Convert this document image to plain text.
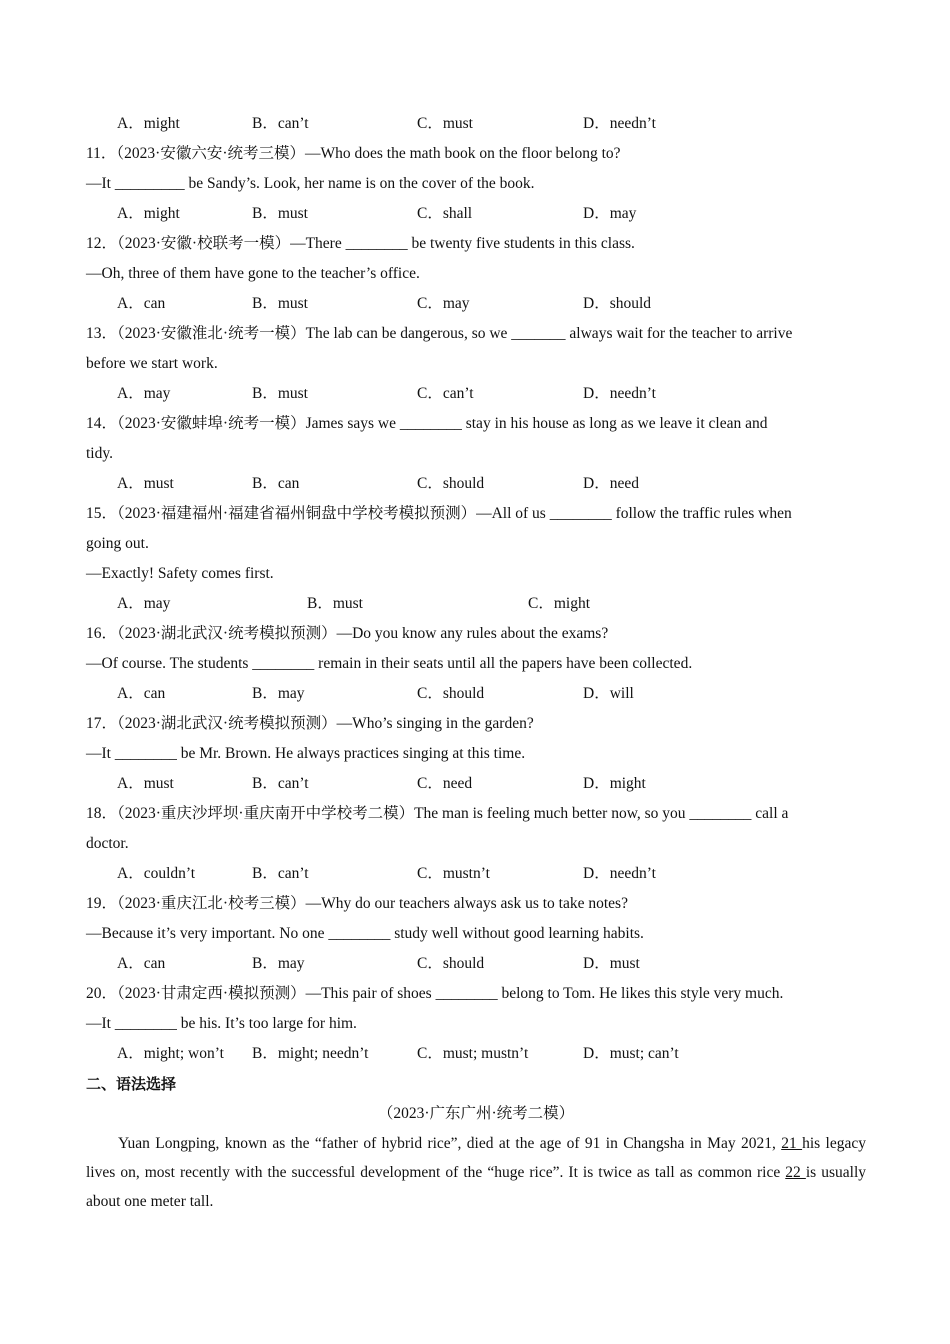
A．might	B．can’t	C．must	D．needn’t
11．（2023·安徽六安·统考三模）—Who does the math book on the floor belong to?
—It _________ be Sandy’s. Look, her name is on the cover of the book.
A．might	B．must	C．shall	D．may
12．（2023·安徽·校联考一模）—There ________ be twenty five students in this class.
—Oh, three of them have gone to the teacher’s office.
A．can	B．must	C．may	D．should
13．（2023·安徽淮北·统考一模）The lab can be dangerous, so we _______ always wait for the teacher to arrive
before we start work.
A．may	B．must	C．can’t	D．needn’t
14．（2023·安徽蚌埠·统考一模）James says we ________ stay in his house as long as we leave it clean and
tidy.
A．must	B．can	C．should	D．need
15．（2023·福建福州·福建省福州铜盘中学校考模拟预测）—All of us ________ follow the traffic rules when
going out.
—Exactly! Safety comes first.
A．may	B．must	C．might
16．（2023·湖北武汉·统考模拟预测）—Do you know any rules about the exams?
—Of course. The students ________ remain in their seats until all the papers have been collected.
A．can	B．may	C．should	D．will
17．（2023·湖北武汉·统考模拟预测）—Who’s singing in the garden?
—It ________ be Mr. Brown. He always practices singing at this time.
A．must	B．can’t	C．need	D．might
18．（2023·重庆沙坪坝·重庆南开中学校考二模）The man is feeling much better now, so you ________ call a
doctor.
A．couldn’t	B．can’t	C．mustn’t	D．needn’t
19．（2023·重庆江北·校考三模）—Why do our teachers always ask us to take notes?
—Because it’s very important. No one ________ study well without good learning habits.
A．can	B．may	C．should	D．must
20．（2023·甘肃定西·模拟预测）—This pair of shoes ________ belong to Tom. He likes this style very much.
—It ________ be his. It’s too large for him.
A．might; won’t B．might; needn’t	C．must; mustn’t	D．must; can’t
二、语法选择
（2023·广东广州·统考二模）
Yuan Longping, known as the “father of hybrid rice”, died at the age of 91 in Changsha in May 2021, 21 his legacy lives on, most recently with the successful development of the “huge rice”. It is twice as tall as common rice 22 is usually about one meter tall.
